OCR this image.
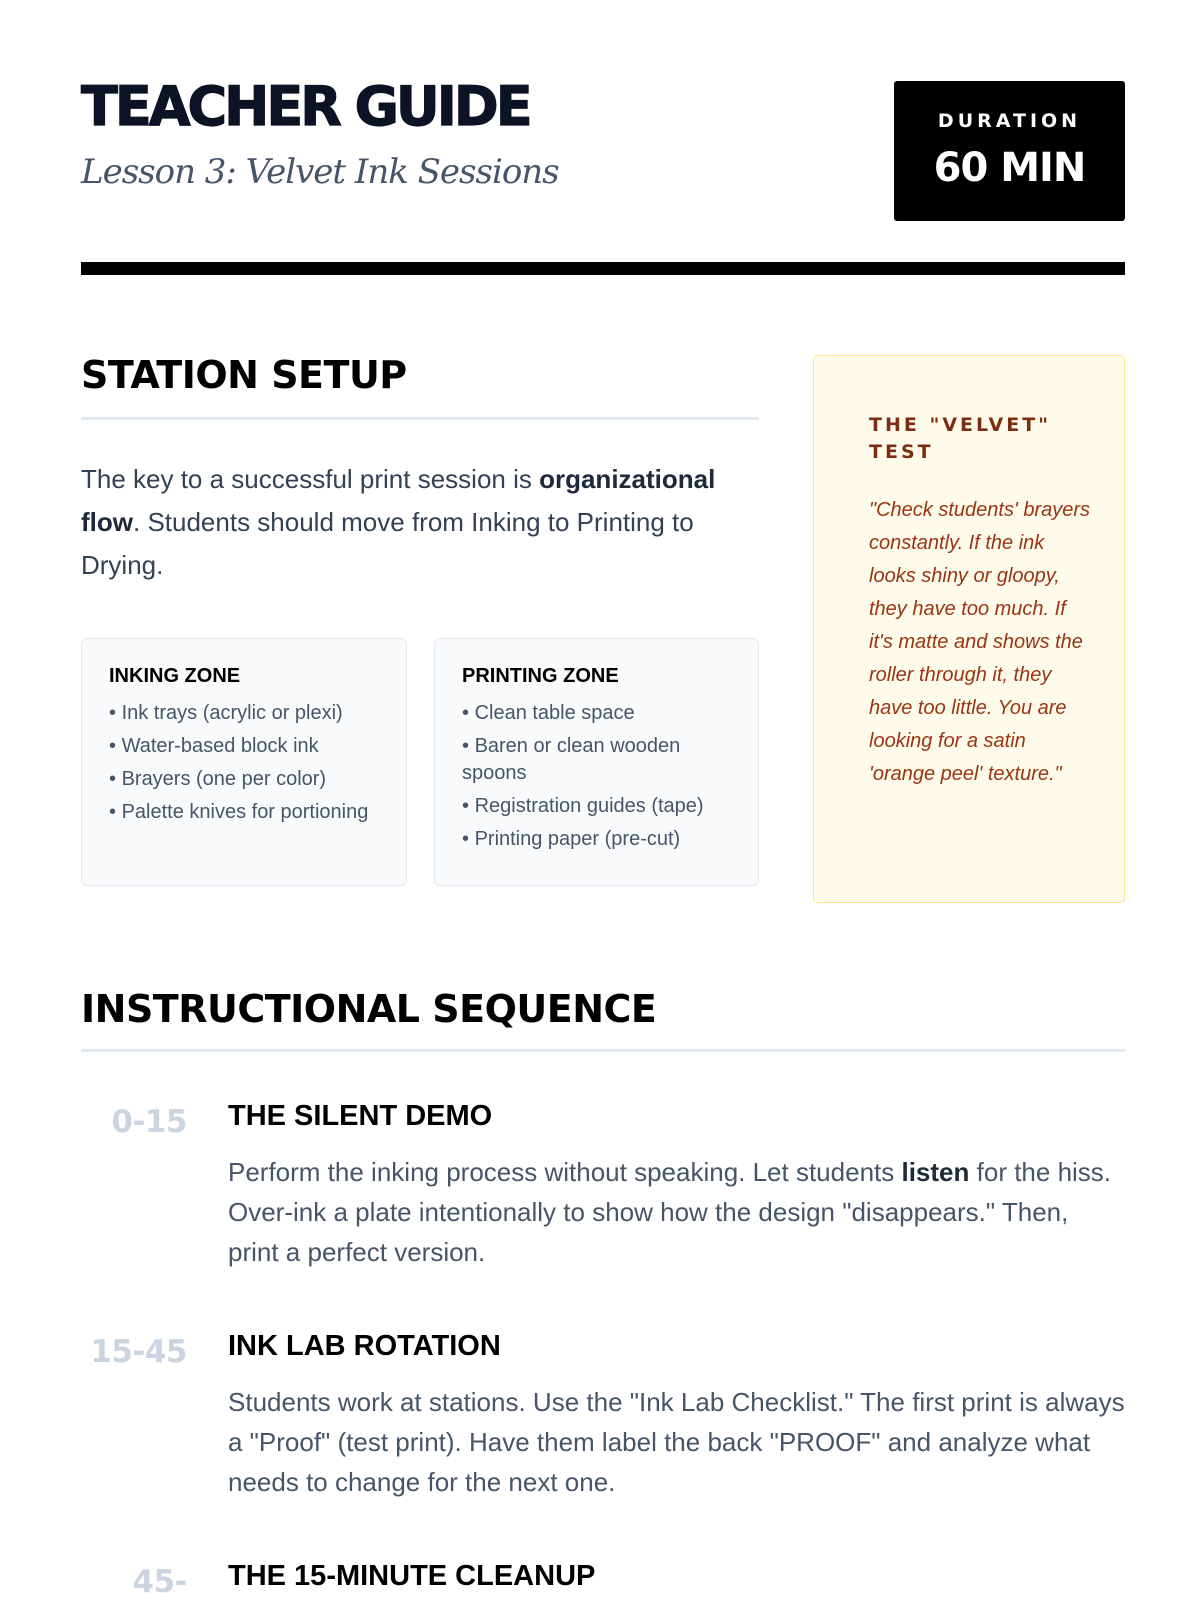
TEACHER GUIDE

Lesson 3: Velvet Ink Sessions

DURATION
60 MIN
STATION SETUP

The key to a successful print session is organizational flow. Students should move from Inking to Printing to Drying.

INKING ZONE
• Ink trays (acrylic or plexi)
• Water-based block ink
• Brayers (one per color)
• Palette knives for portioning
PRINTING ZONE
• Clean table space
• Baren or clean wooden spoons
• Registration guides (tape)
• Printing paper (pre-cut)
THE "VELVET" TEST

"Check students' brayers constantly. If the ink looks shiny or gloopy, they have too much. If it's matte and shows the roller through it, they have too little. You are looking for a satin 'orange peel' texture."

INSTRUCTIONAL SEQUENCE
0-15 THE SILENT DEMO

Perform the inking process without speaking. Let students listen for the hiss. Over-ink a plate intentionally to show how the design "disappears." Then, print a perfect version.

15-45 INK LAB ROTATION

Students work at stations. Use the "Ink Lab Checklist." The first print is always a "Proof" (test print). Have them label the back "PROOF" and analyze what needs to change for the next one.

45- THE 15-MINUTE CLEANUP
